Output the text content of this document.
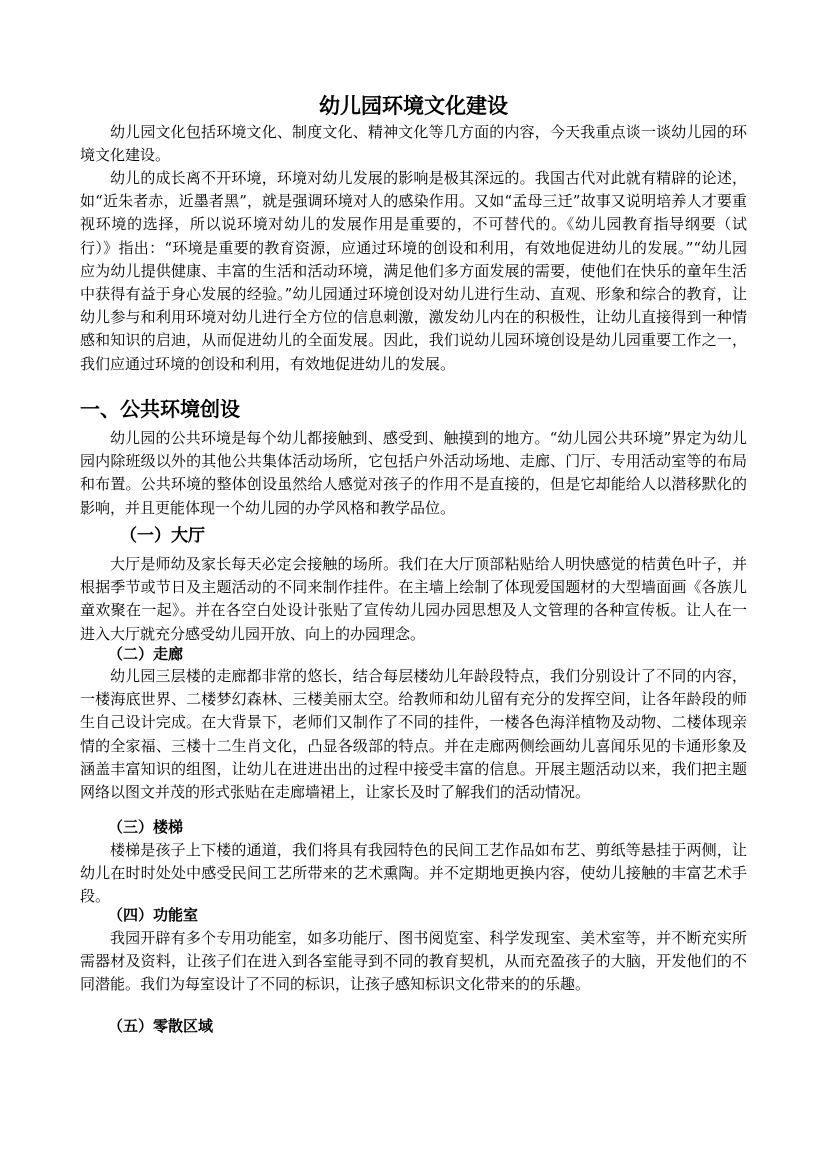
幼儿园环境文化建设

幼儿园文化包括环境文化、制度文化、精神文化等几方面的内容，今天我重点谈一谈幼儿园的环境文化建设。

幼儿的成长离不开环境，环境对幼儿发展的影响是极其深远的。我国古代对此就有精辟的论述，如“近朱者赤，近墨者黑”，就是强调环境对人的感染作用。又如“孟母三迁”故事又说明培养人才要重视环境的选择，所以说环境对幼儿的发展作用是重要的，不可替代的。《幼儿园教育指导纲要（试行）》指出：“环境是重要的教育资源，应通过环境的创设和利用，有效地促进幼儿的发展。”“幼儿园应为幼儿提供健康、丰富的生活和活动环境，满足他们多方面发展的需要，使他们在快乐的童年生活中获得有益于身心发展的经验。”幼儿园通过环境创设对幼儿进行生动、直观、形象和综合的教育，让幼儿参与和利用环境对幼儿进行全方位的信息刺激，激发幼儿内在的积极性，让幼儿直接得到一种情感和知识的启迪，从而促进幼儿的全面发展。因此，我们说幼儿园环境创设是幼儿园重要工作之一，我们应通过环境的创设和利用，有效地促进幼儿的发展。

一、公共环境创设

幼儿园的公共环境是每个幼儿都接触到、感受到、触摸到的地方。“幼儿园公共环境”界定为幼儿园内除班级以外的其他公共集体活动场所，它包括户外活动场地、走廊、门厅、专用活动室等的布局和布置。公共环境的整体创设虽然给人感觉对孩子的作用不是直接的，但是它却能给人以潜移默化的影响，并且更能体现一个幼儿园的办学风格和教学品位。

（一）大厅

大厅是师幼及家长每天必定会接触的场所。我们在大厅顶部粘贴给人明快感觉的桔黄色叶子，并根据季节或节日及主题活动的不同来制作挂件。在主墙上绘制了体现爱国题材的大型墙面画《各族儿童欢聚在一起》。并在各空白处设计张贴了宣传幼儿园办园思想及人文管理的各种宣传板。让人在一进入大厅就充分感受幼儿园开放、向上的办园理念。

（二）走廊

幼儿园三层楼的走廊都非常的悠长，结合每层楼幼儿年龄段特点，我们分别设计了不同的内容，一楼海底世界、二楼梦幻森林、三楼美丽太空。给教师和幼儿留有充分的发挥空间，让各年龄段的师生自己设计完成。在大背景下，老师们又制作了不同的挂件，一楼各色海洋植物及动物、二楼体现亲情的全家福、三楼十二生肖文化，凸显各级部的特点。并在走廊两侧绘画幼儿喜闻乐见的卡通形象及涵盖丰富知识的组图，让幼儿在进进出出的过程中接受丰富的信息。开展主题活动以来，我们把主题网络以图文并茂的形式张贴在走廊墙裙上，让家长及时了解我们的活动情况。

（三）楼梯

楼梯是孩子上下楼的通道，我们将具有我园特色的民间工艺作品如布艺、剪纸等悬挂于两侧，让幼儿在时时处处中感受民间工艺所带来的艺术熏陶。并不定期地更换内容，使幼儿接触的丰富艺术手段。

（四）功能室

我园开辟有多个专用功能室，如多功能厅、图书阅览室、科学发现室、美术室等，并不断充实所需器材及资料，让孩子们在进入到各室能寻到不同的教育契机，从而充盈孩子的大脑，开发他们的不同潜能。我们为每室设计了不同的标识，让孩子感知标识文化带来的的乐趣。

（五）零散区域
